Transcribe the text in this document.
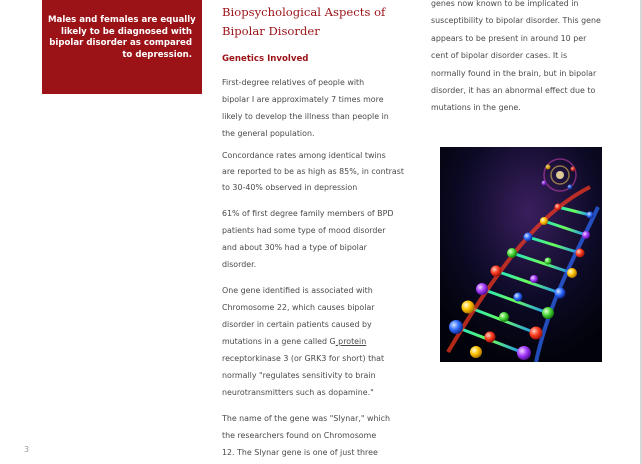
Males and females are equally
likely to be diagnosed with
bipolar disorder as compared
to depression.
Biopsychological Aspects of
Bipolar Disorder
Genetics Involved
First-degree relatives of people with
bipolar I are approximately 7 times more
likely to develop the illness than people in
the general population.
Concordance rates among identical twins
are reported to be as high as 85%, in contrast
to 30-40% observed in depression
61% of first degree family members of BPD
patients had some type of mood disorder
and about 30% had a type of bipolar
disorder.
One gene identified is associated with
Chromosome 22, which causes bipolar
disorder in certain patients caused by
mutations in a gene called G protein
receptorkinase 3 (or GRK3 for short) that
normally "regulates sensitivity to brain
neurotransmitters such as dopamine."
The name of the gene was "Slynar," which
the researchers found on Chromosome
12. The Slynar gene is one of just three
genes now known to be implicated in
susceptibility to bipolar disorder. This gene
appears to be present in around 10 per
cent of bipolar disorder cases. It is
normally found in the brain, but in bipolar
disorder, it has an abnormal effect due to
mutations in the gene.
3
